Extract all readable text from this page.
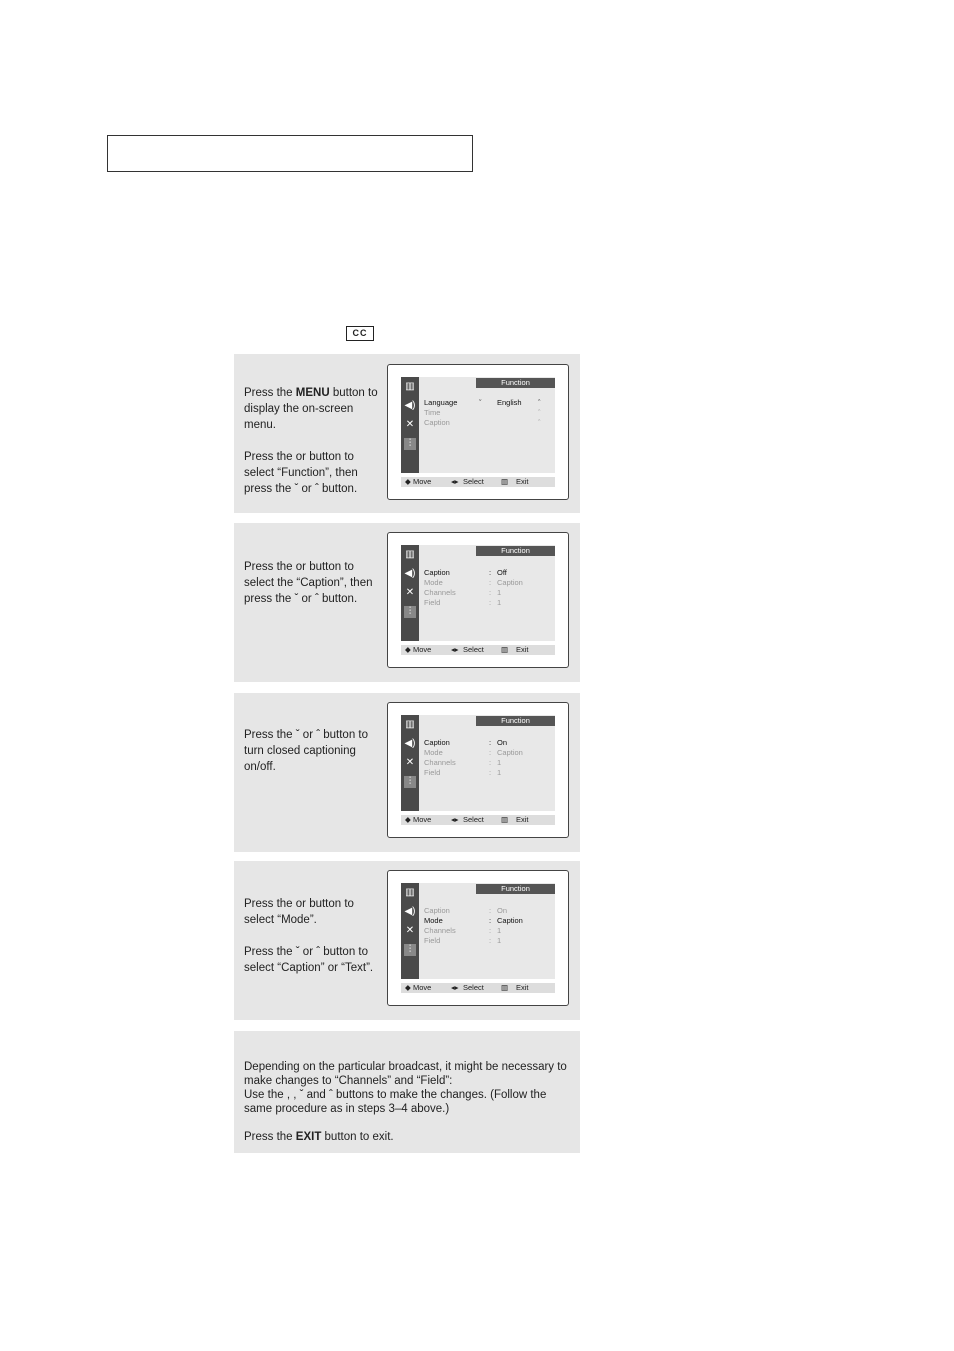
CC

Press the MENU button to display the on-screen menu.

Press the or button to select “Function”, then press the ˇ or ˆ button.

▥
◀)
✕
⫶
Function
Language	ˇ English ˆ
Time	ˆ
Caption	ˆ
◆ Move	◂▸ Select ▥ Exit

Press the or button to select the “Caption”, then press the ˇ or ˆ button.

▥
◀)
✕
⫶
Function
Caption	: Off
Mode	: Caption
Channels	: 1
Field	: 1
◆ Move	◂▸ Select ▥ Exit

Press the ˇ or ˆ button to turn closed captioning on/off.

▥
◀)
✕
⫶
Function
Caption	: On
Mode	: Caption
Channels	: 1
Field	: 1
◆ Move	◂▸ Select ▥ Exit

Press the or button to select “Mode”.

Press the ˇ or ˆ button to select “Caption” or “Text”.

▥
◀)
✕
⫶
Function
Caption	: On
Mode	: Caption
Channels	: 1
Field	: 1
◆ Move	◂▸ Select ▥ Exit

Depending on the particular broadcast, it might be necessary to make changes to “Channels” and “Field”:

Use the , , ˇ and ˆ buttons to make the changes. (Follow the same procedure as in steps 3–4 above.)

Press the EXIT button to exit.
